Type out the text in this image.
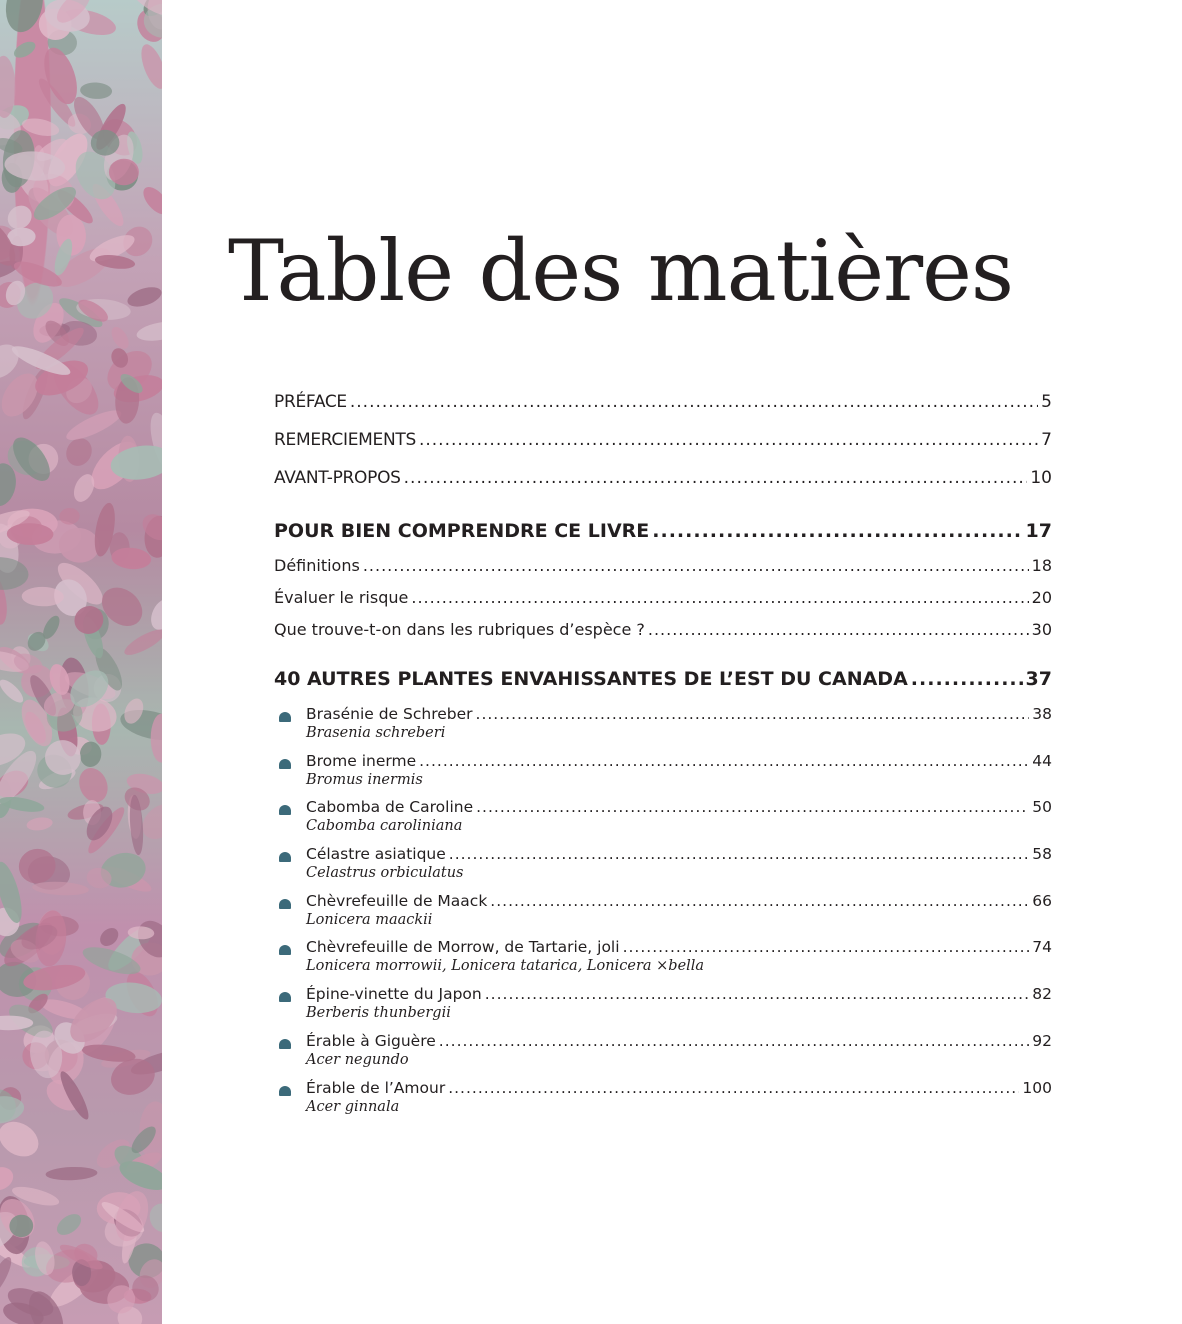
Table des matières
PRÉFACE .....	5
REMERCIEMENTS .....	7
AVANT-PROPOS .....	10
POUR BIEN COMPRENDRE CE LIVRE .....	17
Définitions .....	18
Évaluer le risque .....	20
Que trouve-t-on dans les rubriques d’espèce ? .....	30
40 AUTRES PLANTES ENVAHISSANTES DE L’EST DU CANADA .....	37
Brasénie de Schreber .....	38
Brasenia schreberi
Brome inerme .....	44
Bromus inermis
Cabomba de Caroline .....	50
Cabomba caroliniana
Célastre asiatique .....	58
Celastrus orbiculatus
Chèvrefeuille de Maack .....	66
Lonicera maackii
Chèvrefeuille de Morrow, de Tartarie, joli .....	74
Lonicera morrowii, Lonicera tatarica, Lonicera ×bella
Épine-vinette du Japon .....	82
Berberis thunbergii
Érable à Giguère .....	92
Acer negundo
Érable de l’Amour .....	100
Acer ginnala
